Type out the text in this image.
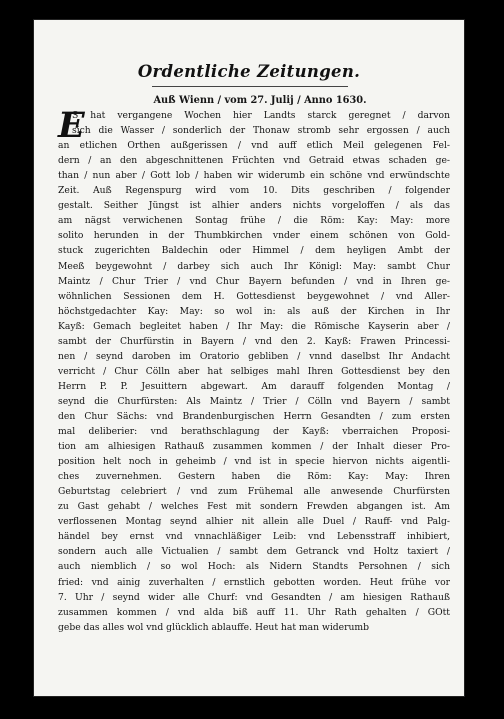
Ordentliche Zeitungen.
E
Auß Wienn / vom 27. Julij / Anno 1630.
S hat vergangene Wochen hier Landts starck geregnet / darvon
sich die Wasser / sonderlich der Thonaw stromb sehr ergossen / auch
an etlichen Orthen außgerissen / vnd auff etlich Meil gelegenen Fel-
dern / an den abgeschnittenen Früchten vnd Getraid etwas schaden ge-
than / nun aber / Gott lob / haben wir widerumb ein schöne vnd erwündschte
Zeit. Auß Regenspurg wird vom 10. Dits geschriben / folgender
gestalt. Seither Jüngst ist alhier anders nichts vorgeloffen / als das
am nägst verwichenen Sontag frühe / die Röm: Kay: May: more
solito herunden in der Thumbkirchen vnder einem schönen von Gold-
stuck zugerichten Baldechin oder Himmel / dem heyligen Ambt der
Meeß beygewohnt / darbey sich auch Ihr Königl: May: sambt Chur
Maintz / Chur Trier / vnd Chur Bayern befunden / vnd in Ihren ge-
wöhnlichen Sessionen dem H. Gottesdienst beygewohnet / vnd Aller-
höchstgedachter Kay: May: so wol in: als auß der Kirchen in Ihr
Kayß: Gemach begleitet haben / Ihr May: die Römische Kayserin aber /
sambt der Churfürstin in Bayern / vnd den 2. Kayß: Frawen Princessi-
nen / seynd daroben im Oratorio gebliben / vnnd daselbst Ihr Andacht
verricht / Chur Cölln aber hat selbiges mahl Ihren Gottesdienst bey den
Herrn P. P. Jesuittern abgewart. Am darauff folgenden Montag /
seynd die Churfürsten: Als Maintz / Trier / Cölln vnd Bayern / sambt
den Chur Sächs: vnd Brandenburgischen Herrn Gesandten / zum ersten
mal deliberier: vnd berathschlagung der Kayß: vberraichen Proposi-
tion am alhiesigen Rathauß zusammen kommen / der Inhalt dieser Pro-
position helt noch in geheimb / vnd ist in specie hiervon nichts aigentli-
ches zuvernehmen. Gestern haben die Röm: Kay: May: Ihren
Geburtstag celebriert / vnd zum Frühemal alle anwesende Churfürsten
zu Gast gehabt / welches Fest mit sondern Frewden abgangen ist. Am
verflossenen Montag seynd alhier nit allein alle Duel / Rauff- vnd Palg-
händel bey ernst vnd vnnachläßiger Leib: vnd Lebensstraff inhibiert,
sondern auch alle Victualien / sambt dem Getranck vnd Holtz taxiert /
auch niemblich / so wol Hoch: als Nidern Standts Persohnen / sich
fried: vnd ainig zuverhalten / ernstlich gebotten worden. Heut frühe vor
7. Uhr / seynd wider alle Churf: vnd Gesandten / am hiesigen Rathauß
zusammen kommen / vnd alda biß auff 11. Uhr Rath gehalten / GOtt
gebe das alles wol vnd glücklich ablauffe. Heut hat man widerumb
